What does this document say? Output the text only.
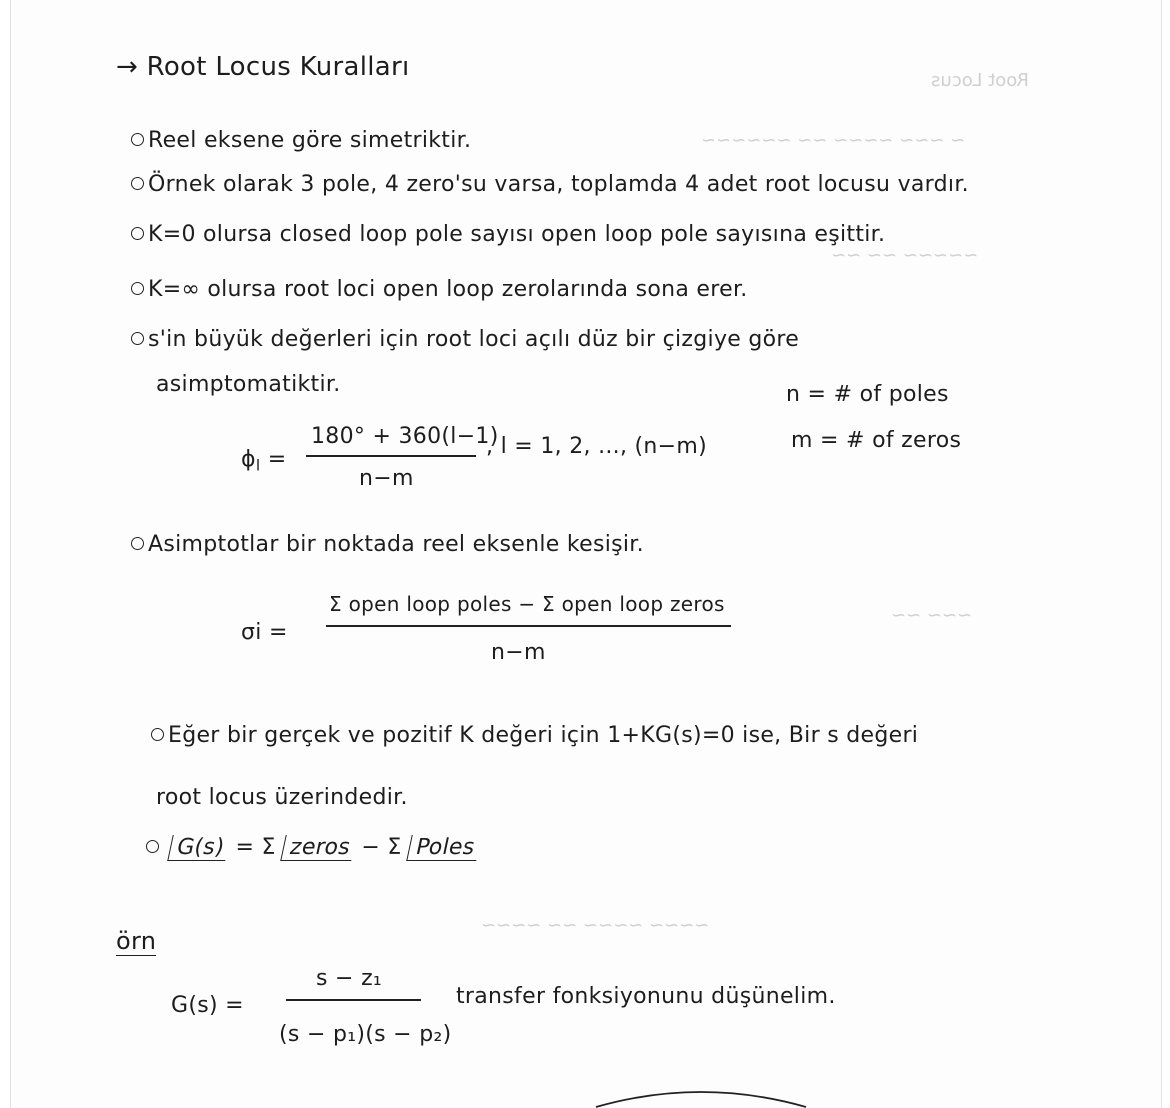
Root Locus
~ ~~~ ~~~~ ~~ ~~~~~~
~~~~~ ~~ ~~
~~~ ~~
~~~~ ~~~~ ~~ ~~~~
→ Root Locus Kuralları
Reel eksene göre simetriktir.
Örnek olarak 3 pole, 4 zero'su varsa, toplamda 4 adet root locusu vardır.
K=0 olursa closed loop pole sayısı open loop pole sayısına eşittir.
K=∞ olursa root loci open loop zerolarında sona erer.
s'in büyük değerleri için root loci açılı düz bir çizgiye göre
asimptomatiktir.
$\phi_l$ =
180° + 360(l−1)
n−m
, l = 1, 2, ..., (n−m)
n = # of poles
m = # of zeros
Asimptotlar bir noktada reel eksenle kesişir.
σi =
Σ open loop poles − Σ open loop zeros
n−m
Eğer bir gerçek ve pozitif K değeri için 1+KG(s)=0 ise, Bir s değeri
root locus üzerindedir.
G(s) = Σ zeros − Σ Poles
örn
G(s) =
s − z₁
(s − p₁)(s − p₂)
transfer fonksiyonunu düşünelim.
